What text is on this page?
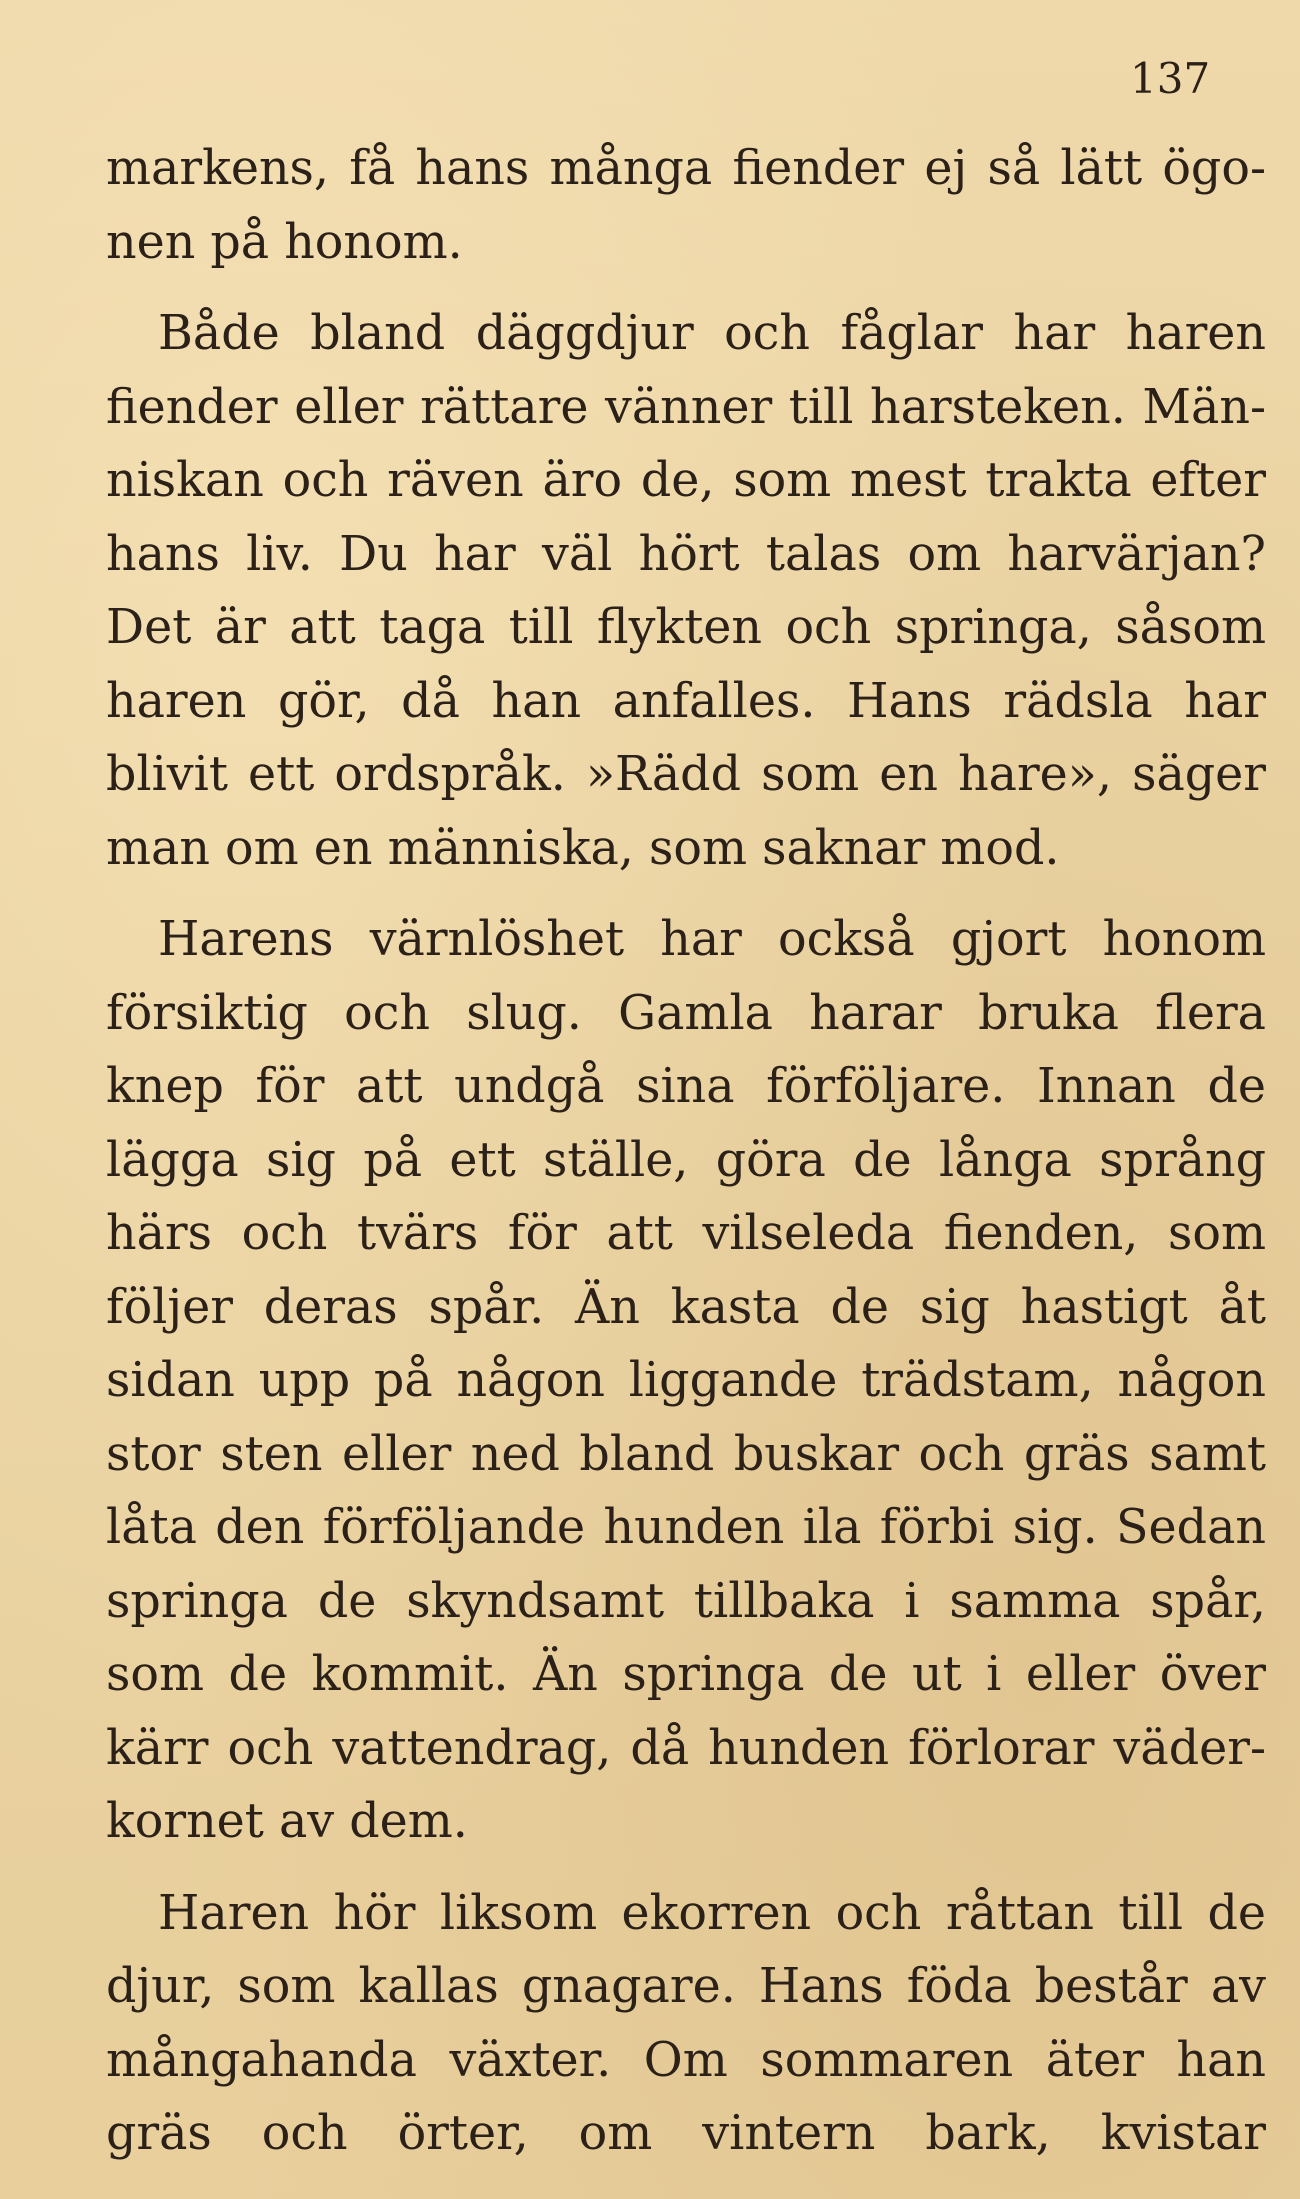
137

markens, få hans många fiender ej så lätt ögonen på honom.

Både bland däggdjur och fåglar har haren fiender eller rättare vänner till harsteken. Människan och räven äro de, som mest trakta efter hans liv. Du har väl hört talas om harvärjan? Det är att taga till flykten och springa, såsom haren gör, då han anfalles. Hans rädsla har blivit ett ordspråk. »Rädd som en hare», säger man om en människa, som saknar mod.

Harens värnlöshet har också gjort honom försiktig och slug. Gamla harar bruka flera knep för att undgå sina förföljare. Innan de lägga sig på ett ställe, göra de långa språng härs och tvärs för att vilseleda fienden, som följer deras spår. Än kasta de sig hastigt åt sidan upp på någon liggande trädstam, någon stor sten eller ned bland buskar och gräs samt låta den förföljande hunden ila förbi sig. Sedan springa de skyndsamt tillbaka i samma spår, som de kommit. Än springa de ut i eller över kärr och vattendrag, då hunden förlorar väderkornet av dem.

Haren hör liksom ekorren och råttan till de djur, som kallas gnagare. Hans föda består av mångahanda växter. Om sommaren äter han gräs och örter, om vintern bark, kvistar
